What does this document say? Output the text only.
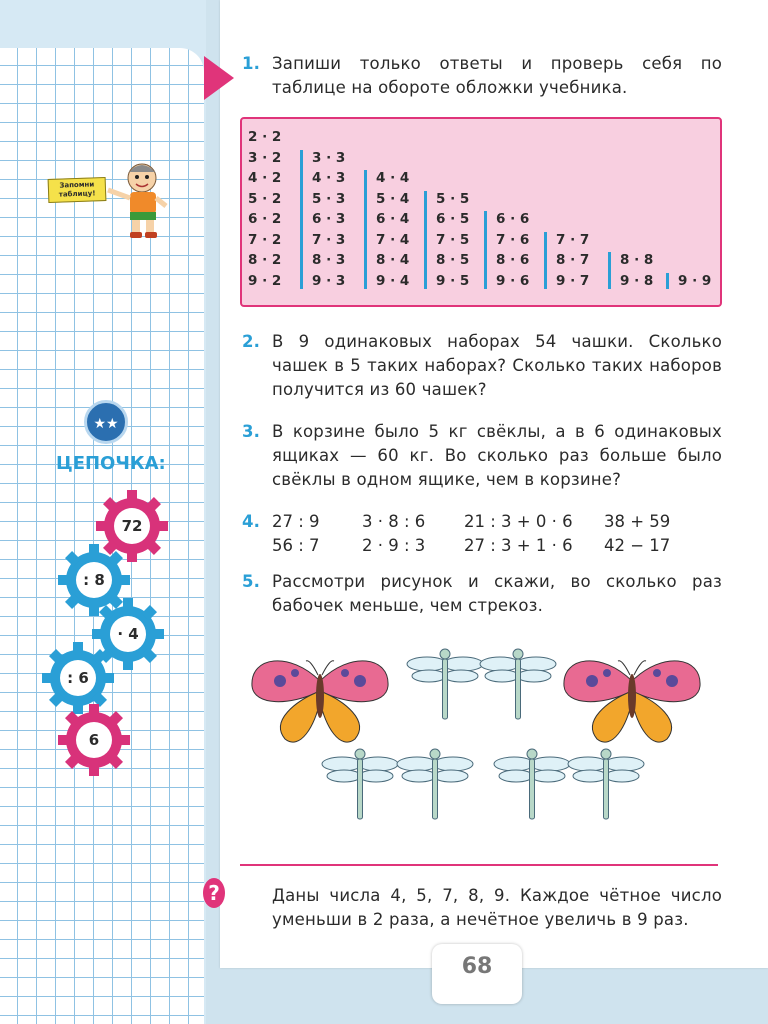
1. Запиши только ответы и проверь себя по таблице на обороте обложки учебника.
2 · 2
3 · 2
4 · 2
5 · 2
6 · 2
7 · 2
8 · 2
9 · 2
3 · 3
4 · 3
5 · 3
6 · 3
7 · 3
8 · 3
9 · 3
4 · 4
5 · 4
6 · 4
7 · 4
8 · 4
9 · 4
5 · 5
6 · 5
7 · 5
8 · 5
9 · 5
6 · 6
7 · 6
8 · 6
9 · 6
7 · 7
8 · 7
9 · 7
8 · 8
9 · 8 9 · 9
Запомни таблицу!
★★
ЦЕПОЧКА:
72
: 8
· 4
: 6
6
2. В 9 одинаковых наборах 54 чашки. Сколько чашек в 5 таких наборах? Сколько таких наборов получится из 60 чашек?
3. В корзине было 5 кг свёклы, а в 6 одинаковых ящиках — 60 кг. Во сколько раз больше было свёклы в одном ящике, чем в корзине?
4. 27 : 9
56 : 7
3 · 8 : 6
2 · 9 : 3
21 : 3 + 0 · 6
27 : 3 + 1 · 6
38 + 59
42 − 17
5. Рассмотри рисунок и скажи, во сколько раз бабочек меньше, чем стрекоз.
?	Даны числа 4, 5, 7, 8, 9. Каждое чётное число уменьши в 2 раза, а нечётное увеличь в 9 раз.
68
